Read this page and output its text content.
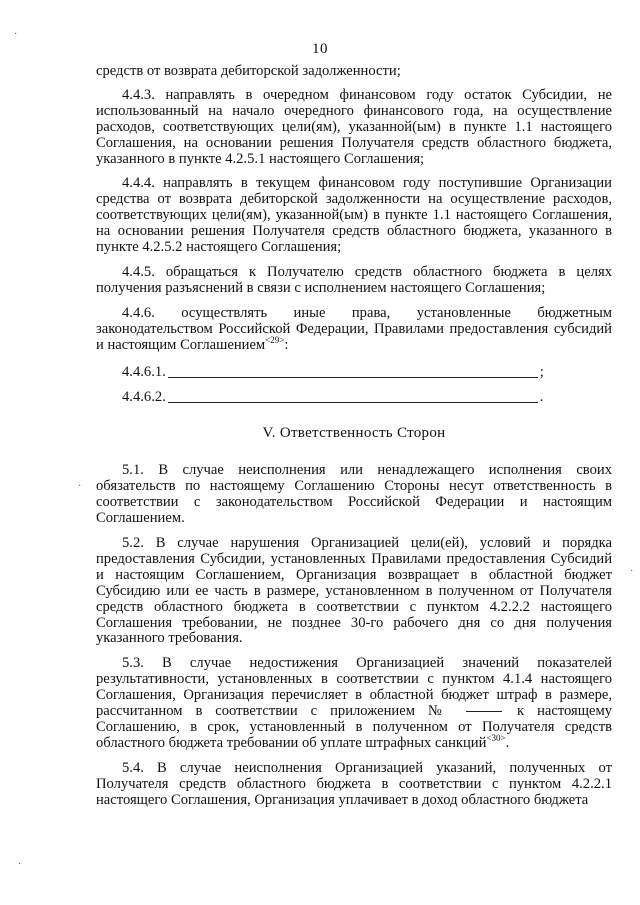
·
·
·
·
10

средств от возврата дебиторской задолженности;

4.4.3. направлять в очередном финансовом году остаток Субсидии, не использованный на начало очередного финансового года, на осуществление расходов, соответствующих цели(ям), указанной(ым) в пункте 1.1 настоящего Соглашения, на основании решения Получателя средств областного бюджета, указанного в пункте 4.2.5.1 настоящего Соглашения;

4.4.4. направлять в текущем финансовом году поступившие Организации средства от возврата дебиторской задолженности на осуществление расходов, соответствующих цели(ям), указанной(ым) в пункте 1.1 настоящего Соглашения, на основании решения Получателя средств областного бюджета, указанного в пункте 4.2.5.2 настоящего Соглашения;

4.4.5. обращаться к Получателю средств областного бюджета в целях получения разъяснений в связи с исполнением настоящего Соглашения;

4.4.6. осуществлять иные права, установленные бюджетным законодательством Российской Федерации, Правилами предоставления субсидий и настоящим Соглашением$^{<29>}$:

4.4.6.1.	;
4.4.6.2.	.

V. Ответственность Сторон

5.1. В случае неисполнения или ненадлежащего исполнения своих обязательств по настоящему Соглашению Стороны несут ответственность в соответствии с законодательством Российской Федерации и настоящим Соглашением.

5.2. В случае нарушения Организацией цели(ей), условий и порядка предоставления Субсидии, установленных Правилами предоставления Субсидий и настоящим Соглашением, Организация возвращает в областной бюджет Субсидию или ее часть в размере, установленном в полученном от Получателя средств областного бюджета в соответствии с пунктом 4.2.2.2 настоящего Соглашения требовании, не позднее 30-го рабочего дня со дня получения указанного требования.

5.3. В случае недостижения Организацией значений показателей результативности, установленных в соответствии с пунктом 4.1.4 настоящего Соглашения, Организация перечисляет в областной бюджет штраф в размере, рассчитанном в соответствии с приложением №	к настоящему Соглашению, в срок, установленный в полученном от Получателя средств областного бюджета требовании об уплате штрафных санкций$^{<30>}$.

5.4. В случае неисполнения Организацией указаний, полученных от Получателя средств областного бюджета в соответствии с пунктом 4.2.2.1 настоящего Соглашения, Организация уплачивает в доход областного бюджета
